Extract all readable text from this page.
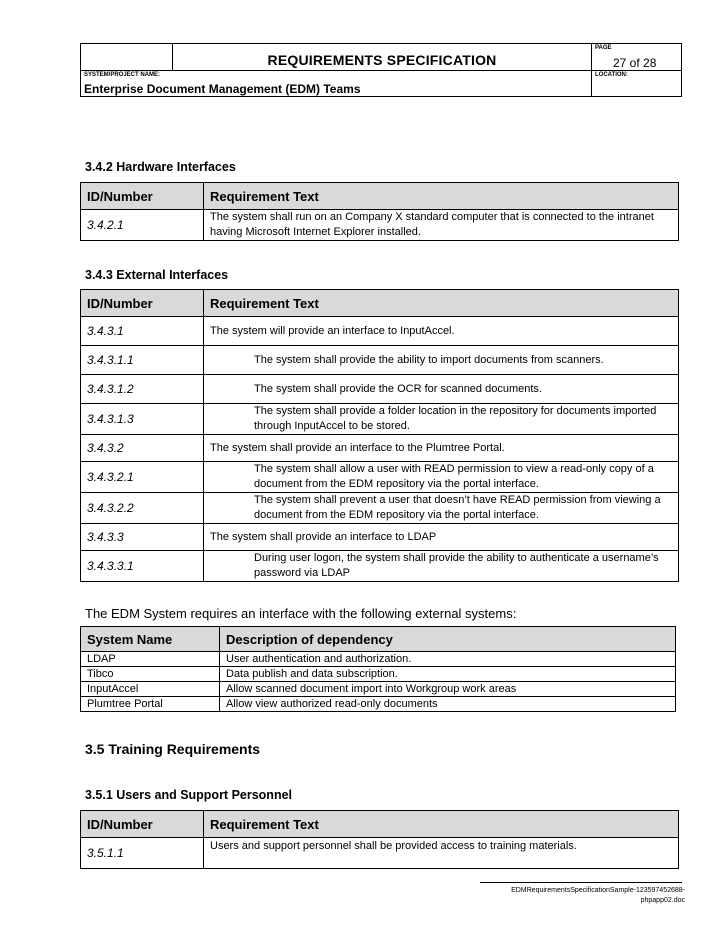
REQUIREMENTS SPECIFICATION
PAGE
27 of 28
SYSTEM/PROJECT NAME:
Enterprise Document Management (EDM) Teams
LOCATION:
3.4.2 Hardware Interfaces
ID/Number	Requirement Text
3.4.2.1	The system shall run on an Company X standard computer that is connected to the intranet having Microsoft Internet Explorer installed.
3.4.3 External Interfaces
ID/Number	Requirement Text
3.4.3.1	The system will provide an interface to InputAccel.
3.4.3.1.1	The system shall provide the ability to import documents from scanners.
3.4.3.1.2	The system shall provide the OCR for scanned documents.
3.4.3.1.3	The system shall provide a folder location in the repository for documents imported through InputAccel to be stored.
3.4.3.2	The system shall provide an interface to the Plumtree Portal.
3.4.3.2.1	The system shall allow a user with READ permission to view a read-only copy of a document from the EDM repository via the portal interface.
3.4.3.2.2	The system shall prevent a user that doesn’t have READ permission from viewing a document from the EDM repository via the portal interface.
3.4.3.3	The system shall provide an interface to LDAP
3.4.3.3.1	During user logon, the system shall provide the ability to authenticate a username’s password via LDAP
The EDM System requires an interface with the following external systems:
System Name	Description of dependency
LDAP	User authentication and authorization.
Tibco	Data publish and data subscription.
InputAccel	Allow scanned document import into Workgroup work areas
Plumtree Portal	Allow view authorized read-only documents
3.5 Training Requirements
3.5.1 Users and Support Personnel
ID/Number	Requirement Text
3.5.1.1	Users and support personnel shall be provided access to training materials.
EDMRequirementsSpecificationSample-123597452688-
phpapp02.doc
